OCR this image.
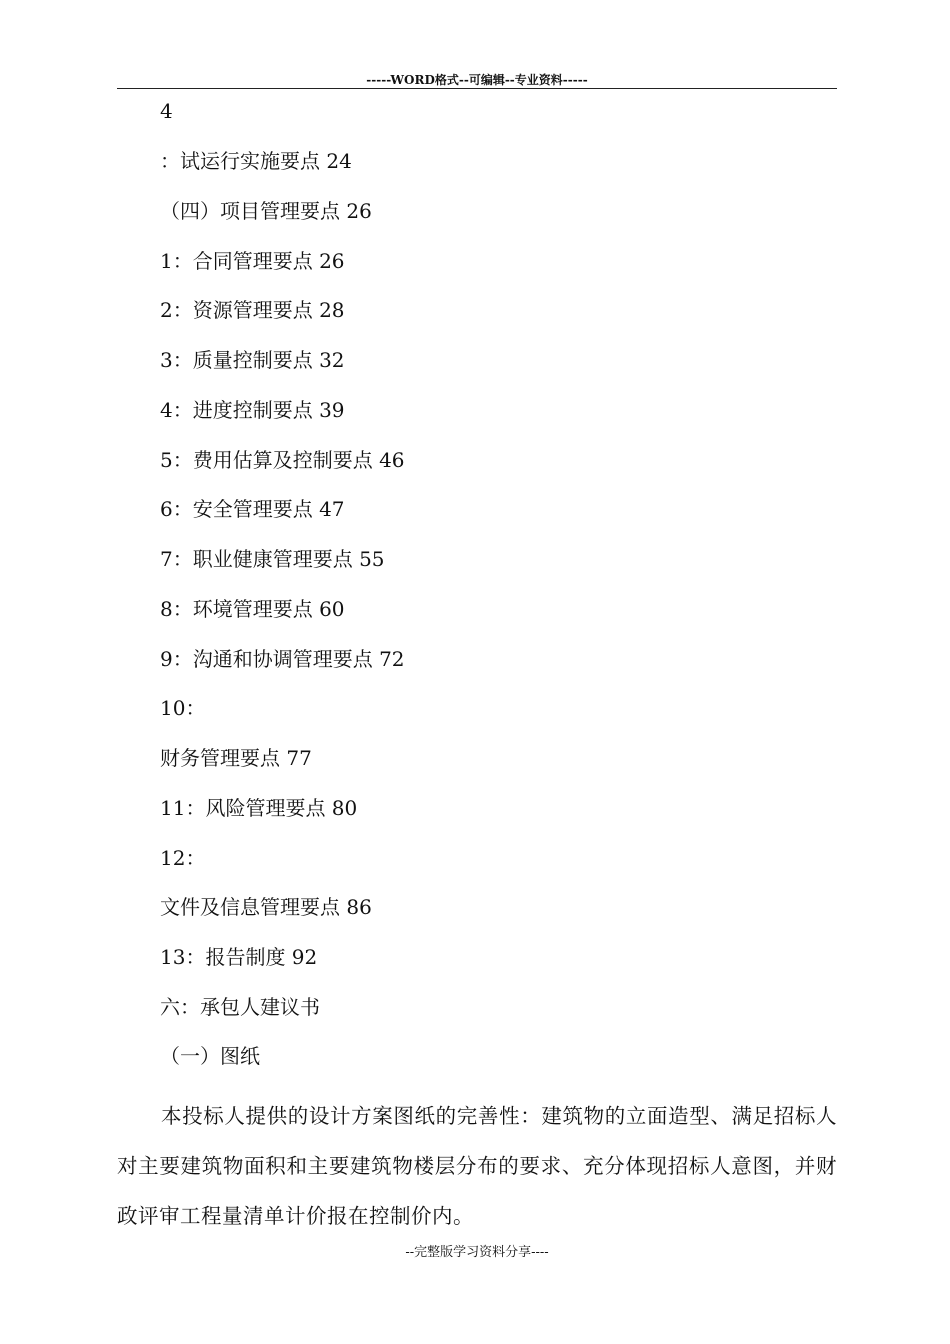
-----WORD格式--可编辑--专业资料-----
4
：试运行实施要点 24
（四）项目管理要点 26
1：合同管理要点 26
2：资源管理要点 28
3：质量控制要点 32
4：进度控制要点 39
5：费用估算及控制要点 46
6：安全管理要点 47
7：职业健康管理要点 55
8：环境管理要点 60
9：沟通和协调管理要点 72
10：
财务管理要点 77
11：风险管理要点 80
12：
文件及信息管理要点 86
13：报告制度 92
六：承包人建议书
（一）图纸
本投标人提供的设计方案图纸的完善性：建筑物的立面造型、满足招标人对主要建筑物面积和主要建筑物楼层分布的要求、充分体现招标人意图，并财政评审工程量清单计价报在控制价内。
--完整版学习资料分享----
